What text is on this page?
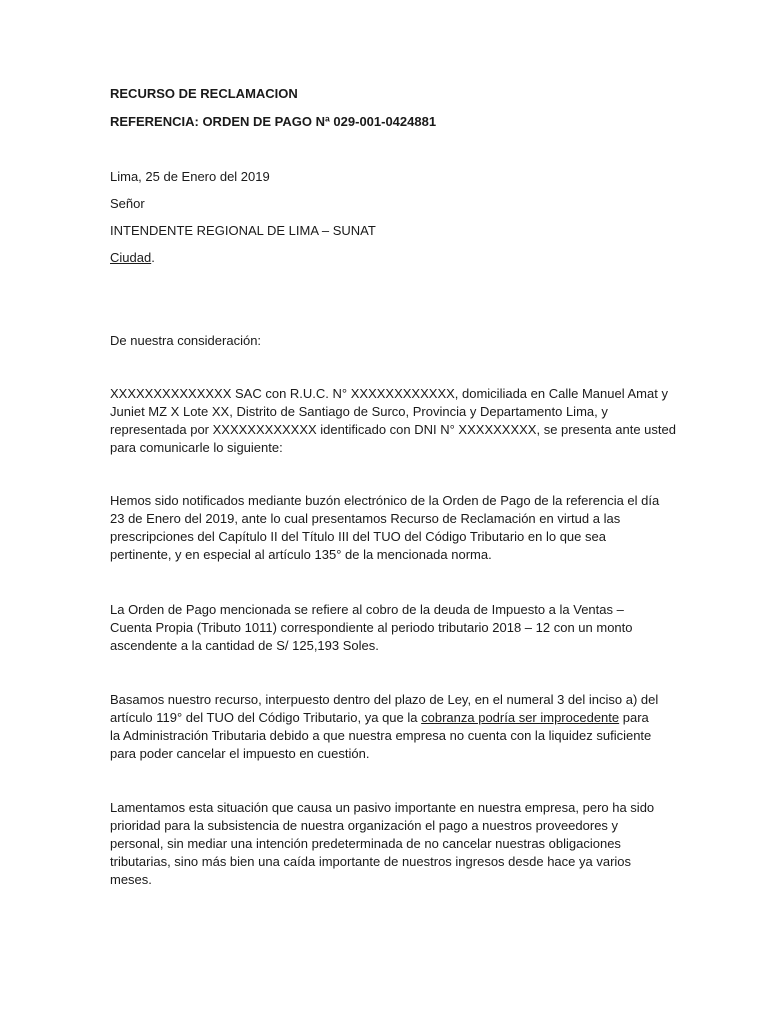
RECURSO DE RECLAMACION
REFERENCIA: ORDEN DE PAGO Nª 029-001-0424881
Lima, 25 de Enero del 2019
Señor
INTENDENTE REGIONAL DE LIMA – SUNAT
Ciudad.
De nuestra consideración:
XXXXXXXXXXXXXX SAC con R.U.C. N° XXXXXXXXXXXX, domiciliada en Calle Manuel Amat y
Juniet MZ X Lote XX, Distrito de Santiago de Surco, Provincia y Departamento Lima, y
representada por XXXXXXXXXXXX identificado con DNI N° XXXXXXXXX, se presenta ante usted
para comunicarle lo siguiente:
Hemos sido notificados mediante buzón electrónico de la Orden de Pago de la referencia el día
23 de Enero del 2019, ante lo cual presentamos Recurso de Reclamación en virtud a las
prescripciones del Capítulo II del Título III del TUO del Código Tributario en lo que sea
pertinente, y en especial al artículo 135° de la mencionada norma.
La Orden de Pago mencionada se refiere al cobro de la deuda de Impuesto a la Ventas –
Cuenta Propia (Tributo 1011) correspondiente al periodo tributario 2018 – 12 con un monto
ascendente a la cantidad de S/ 125,193 Soles.
Basamos nuestro recurso, interpuesto dentro del plazo de Ley, en el numeral 3 del inciso a) del
artículo 119° del TUO del Código Tributario, ya que la cobranza podría ser improcedente para
la Administración Tributaria debido a que nuestra empresa no cuenta con la liquidez suficiente
para poder cancelar el impuesto en cuestión.
Lamentamos esta situación que causa un pasivo importante en nuestra empresa, pero ha sido
prioridad para la subsistencia de nuestra organización el pago a nuestros proveedores y
personal, sin mediar una intención predeterminada de no cancelar nuestras obligaciones
tributarias, sino más bien una caída importante de nuestros ingresos desde hace ya varios
meses.
